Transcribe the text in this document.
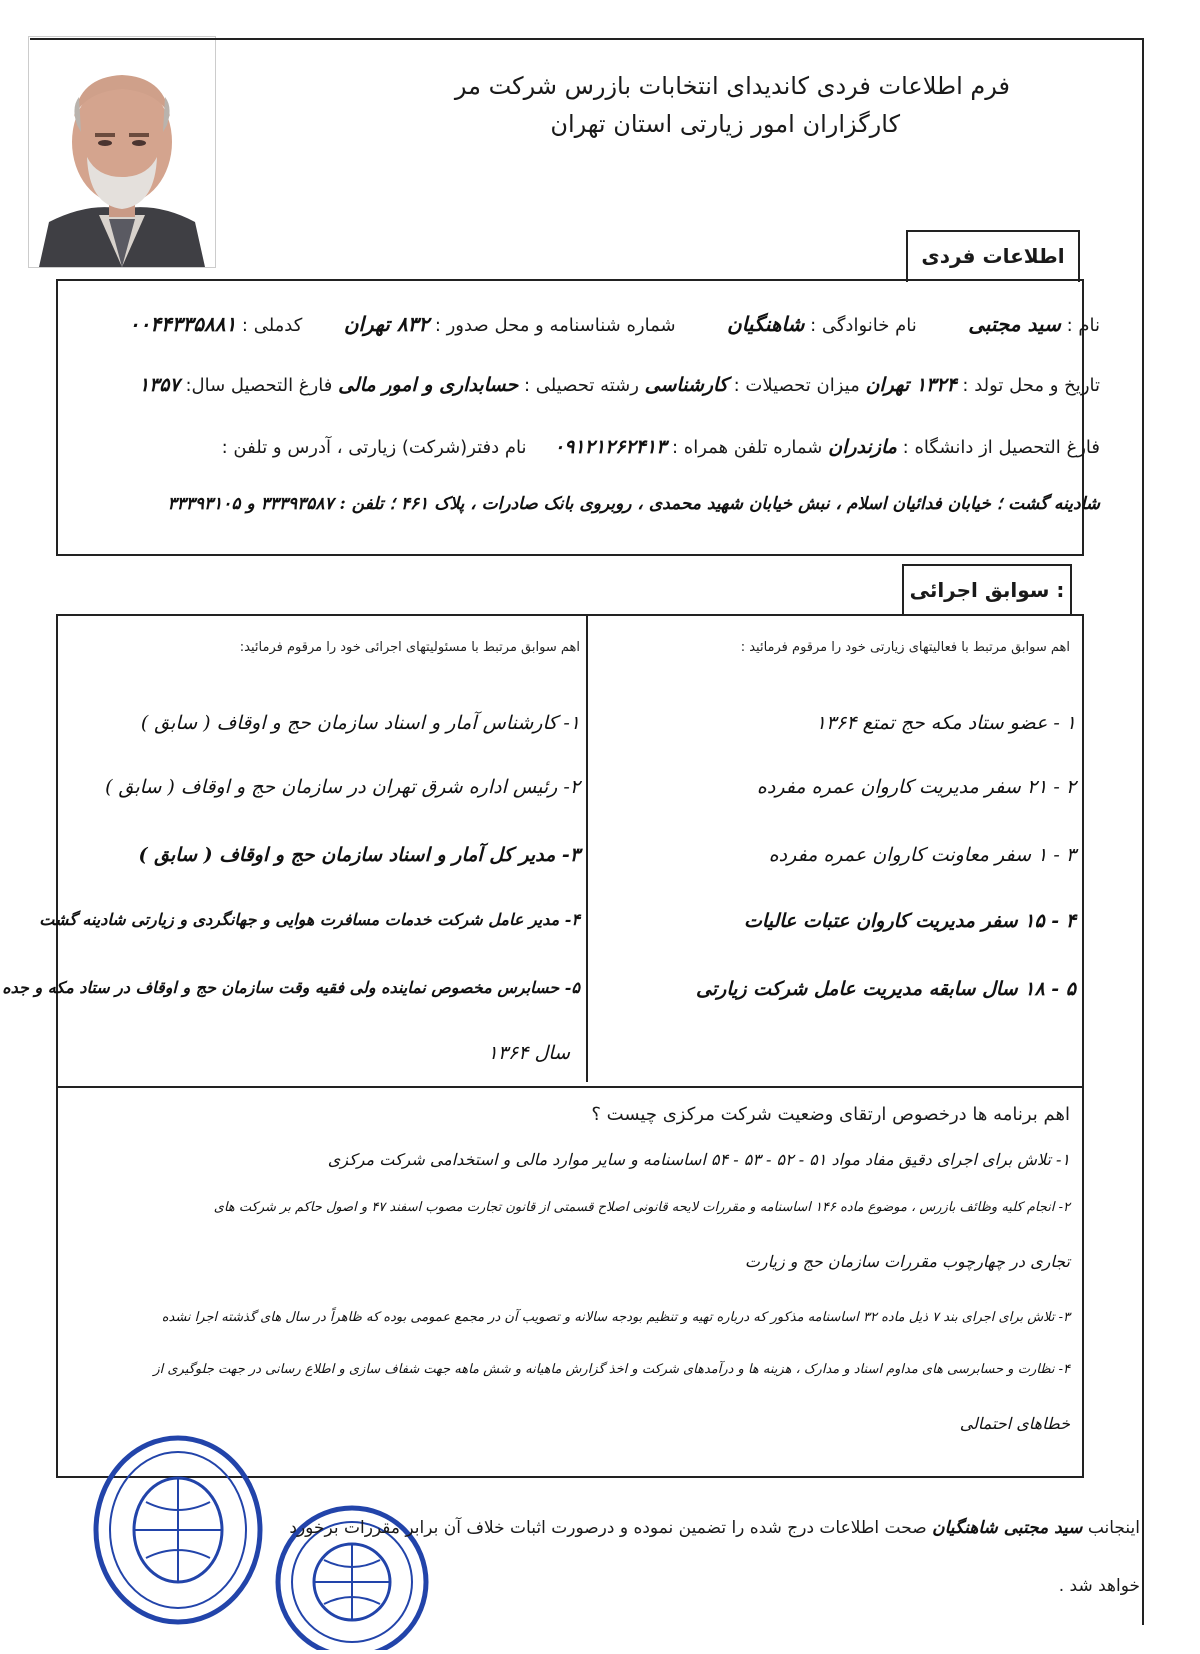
فرم اطلاعات فردی کاندیدای انتخابات بازرس شرکت مر
کارگزاران امور زیارتی استان تهران
اطلاعات فردی
نام : سید مجتبی  نام خانوادگی : شاهنگیان  شماره شناسنامه و محل صدور : ۸۳۲ تهران  کدملی : ۰۰۴۴۳۳۵۸۸۱
تاریخ و محل تولد : ۱۳۲۴ تهران میزان تحصیلات : کارشناسی رشته تحصیلی : حسابداری و امور مالی فارغ التحصیل سال: ۱۳۵۷
فارغ التحصیل از دانشگاه : مازندران شماره تلفن همراه : ۰۹۱۲۱۲۶۲۴۱۳  نام دفتر(شرکت) زیارتی ، آدرس و تلفن :
شادینه گشت ؛ خیابان فدائیان اسلام ، نبش خیابان شهید محمدی ، روبروی بانک صادرات ، پلاک ۴۶۱ ؛ تلفن : ۳۳۳۹۳۵۸۷ و ۳۳۳۹۳۱۰۵
سوابق اجرائی :
اهم سوابق مرتبط با فعالیتهای زیارتی خود را مرقوم فرمائید :
اهم سوابق مرتبط با مسئولیتهای اجرائی خود را مرقوم فرمائید:
۱ - عضو ستاد مکه حج تمتع ۱۳۶۴
۲ - ۲۱ سفر مدیریت کاروان عمره مفرده
۳ - ۱ سفر معاونت کاروان عمره مفرده
۴ - ۱۵ سفر مدیریت کاروان عتبات عالیات
۵ - ۱۸ سال سابقه مدیریت عامل شرکت زیارتی
۱- کارشناس آمار و اسناد سازمان حج و اوقاف ( سابق )
۲- رئیس اداره شرق تهران در سازمان حج و اوقاف ( سابق )
۳- مدیر کل آمار و اسناد سازمان حج و اوقاف ( سابق )
۴- مدیر عامل شرکت خدمات مسافرت هوایی و جهانگردی و زیارتی شادینه گشت
۵- حسابرس مخصوص نماینده ولی فقیه وقت سازمان حج و اوقاف در ستاد مکه و جده
سال ۱۳۶۴
اهم برنامه ها درخصوص ارتقای وضعیت شرکت مرکزی چیست ؟
۱- تلاش برای اجرای دقیق مفاد مواد ۵۱ - ۵۲ - ۵۳ - ۵۴ اساسنامه و سایر موارد مالی و استخدامی شرکت مرکزی
۲- انجام کلیه وظائف بازرس ، موضوع ماده ۱۴۶ اساسنامه و مقررات لایحه قانونی اصلاح قسمتی از قانون تجارت مصوب اسفند ۴۷ و اصول حاکم بر شرکت های
تجاری در چهارچوب مقررات سازمان حج و زیارت
۳- تلاش برای اجرای بند ۷ ذیل ماده ۳۲ اساسنامه مذکور که درباره تهیه و تنظیم بودجه سالانه و تصویب آن در مجمع عمومی بوده که ظاهراً در سال های گذشته اجرا نشده
۴- نظارت و حسابرسی های مداوم اسناد و مدارک ، هزینه ها و درآمدهای شرکت و اخذ گزارش ماهیانه و شش ماهه جهت شفاف سازی و اطلاع رسانی در جهت جلوگیری از
خطاهای احتمالی
اینجانب سید مجتبی شاهنگیان صحت اطلاعات درج شده را تضمین نموده و درصورت اثبات خلاف آن برابر مقررات برخورد
خواهد شد .
